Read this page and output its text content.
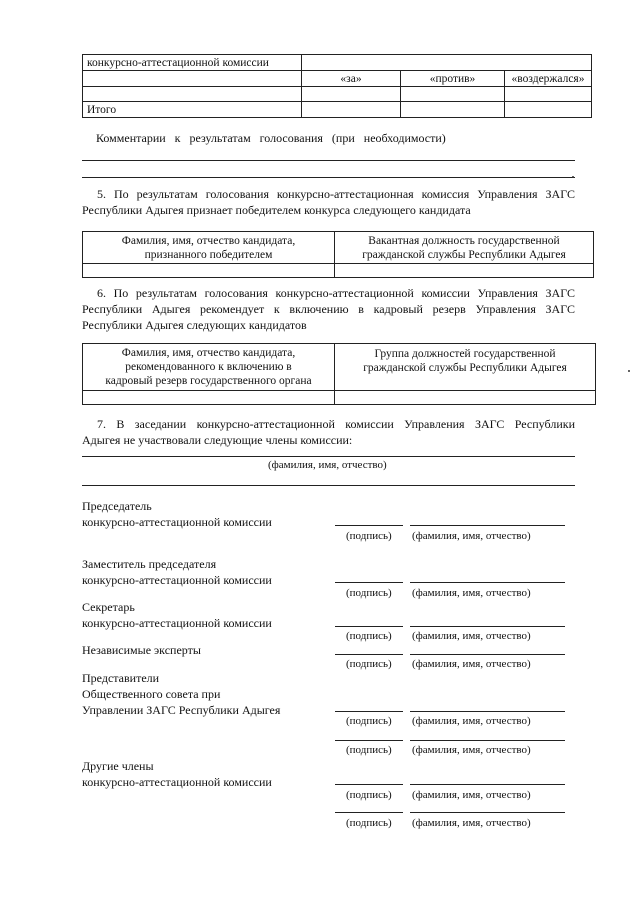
конкурсно-аттестационной комиссии			
	«за»	«против»	«воздержался»

Итого			
Комментарии к результатам голосования (при необходимости)
5. По результатам голосования конкурсно-аттестационная комиссия Управления ЗАГС
Республики Адыгея признает победителем конкурса следующего кандидата
Фамилия, имя, отчество кандидата,
признанного победителем	Вакантная должность государственной
гражданской службы Республики Адыгея

6. По результатам голосования конкурсно-аттестационной комиссии Управления ЗАГС
Республики Адыгея рекомендует к включению в кадровый резерв Управления ЗАГС
Республики Адыгея следующих кандидатов
Фамилия, имя, отчество кандидата,
рекомендованного к включению в
кадровый резерв государственного органа	Группа должностей государственной
гражданской службы Республики Адыгея

7. В заседании конкурсно-аттестационной комиссии Управления ЗАГС Республики
Адыгея не участвовали следующие члены комиссии:
(фамилия, имя, отчество)
Председатель
конкурсно-аттестационной комиссии
(подпись) (фамилия, имя, отчество)
Заместитель председателя
конкурсно-аттестационной комиссии
(подпись) (фамилия, имя, отчество)
Секретарь
конкурсно-аттестационной комиссии
(подпись) (фамилия, имя, отчество)
Независимые эксперты
(подпись) (фамилия, имя, отчество)
Представители
Общественного совета при
Управлении ЗАГС Республики Адыгея
(подпись) (фамилия, имя, отчество)
(подпись) (фамилия, имя, отчество)
Другие члены
конкурсно-аттестационной комиссии
(подпись) (фамилия, имя, отчество)
(подпись) (фамилия, имя, отчество)
